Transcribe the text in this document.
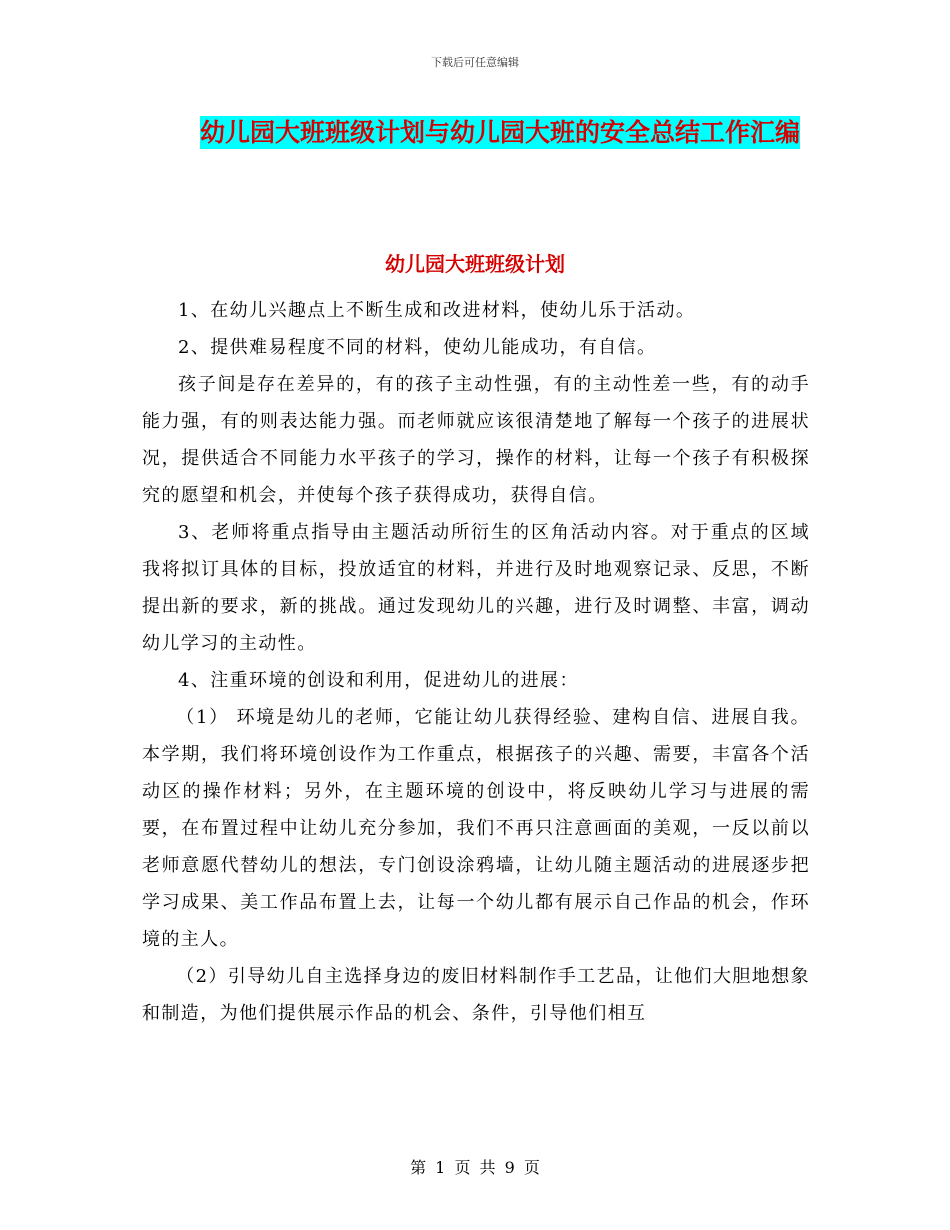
下载后可任意编辑
幼儿园大班班级计划与幼儿园大班的安全总结工作汇编
幼儿园大班班级计划

1、在幼儿兴趣点上不断生成和改进材料，使幼儿乐于活动。

2、提供难易程度不同的材料，使幼儿能成功，有自信。

孩子间是存在差异的，有的孩子主动性强，有的主动性差一些，有的动手能力强，有的则表达能力强。而老师就应该很清楚地了解每一个孩子的进展状况，提供适合不同能力水平孩子的学习，操作的材料，让每一个孩子有积极探究的愿望和机会，并使每个孩子获得成功，获得自信。

3、老师将重点指导由主题活动所衍生的区角活动内容。对于重点的区域我将拟订具体的目标，投放适宜的材料，并进行及时地观察记录、反思，不断提出新的要求，新的挑战。通过发现幼儿的兴趣，进行及时调整、丰富，调动幼儿学习的主动性。

4、注重环境的创设和利用，促进幼儿的进展：

（1） 环境是幼儿的老师，它能让幼儿获得经验、建构自信、进展自我。本学期，我们将环境创设作为工作重点，根据孩子的兴趣、需要，丰富各个活动区的操作材料；另外，在主题环境的创设中，将反映幼儿学习与进展的需要，在布置过程中让幼儿充分参加，我们不再只注意画面的美观，一反以前以老师意愿代替幼儿的想法，专门创设涂鸦墙，让幼儿随主题活动的进展逐步把学习成果、美工作品布置上去，让每一个幼儿都有展示自己作品的机会，作环境的主人。

（2）引导幼儿自主选择身边的废旧材料制作手工艺品，让他们大胆地想象和制造，为他们提供展示作品的机会、条件，引导他们相互

第 1 页 共 9 页
